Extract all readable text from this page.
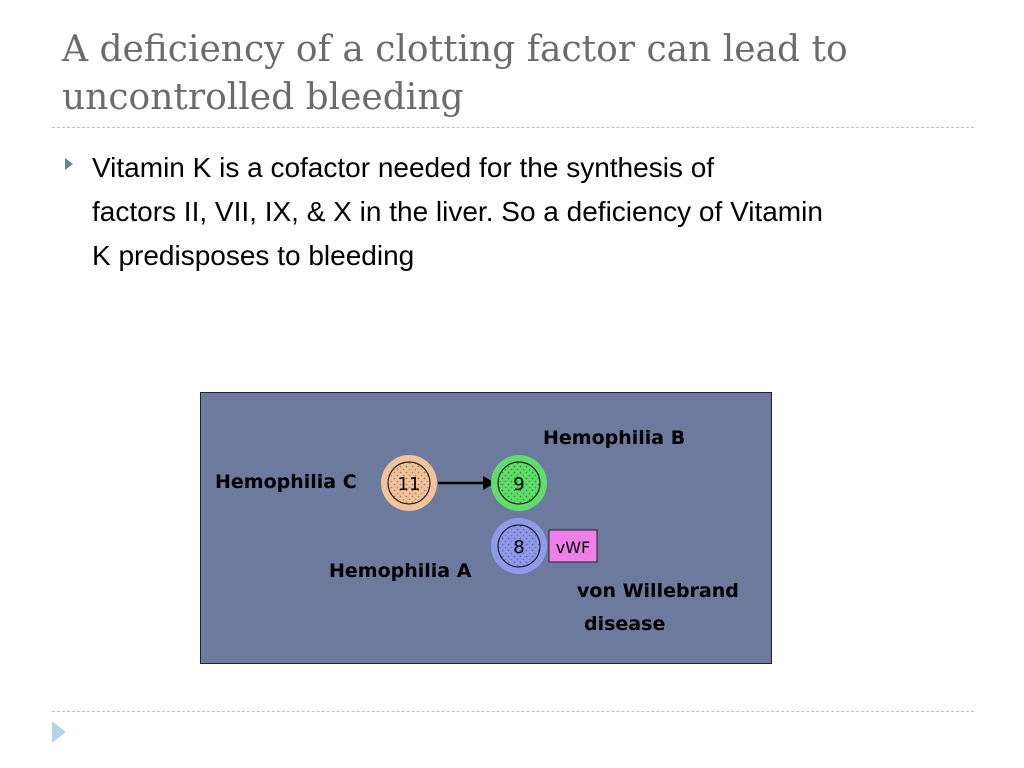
A deficiency of a clotting factor can lead to
uncontrolled bleeding
Vitamin K is a cofactor needed for the synthesis of
factors II, VII, IX, & X in the liver. So a deficiency of Vitamin
K predisposes to bleeding
Hemophilia B
Hemophilia C 11	9
8 vWF
Hemophilia A
von Willebrand
disease
